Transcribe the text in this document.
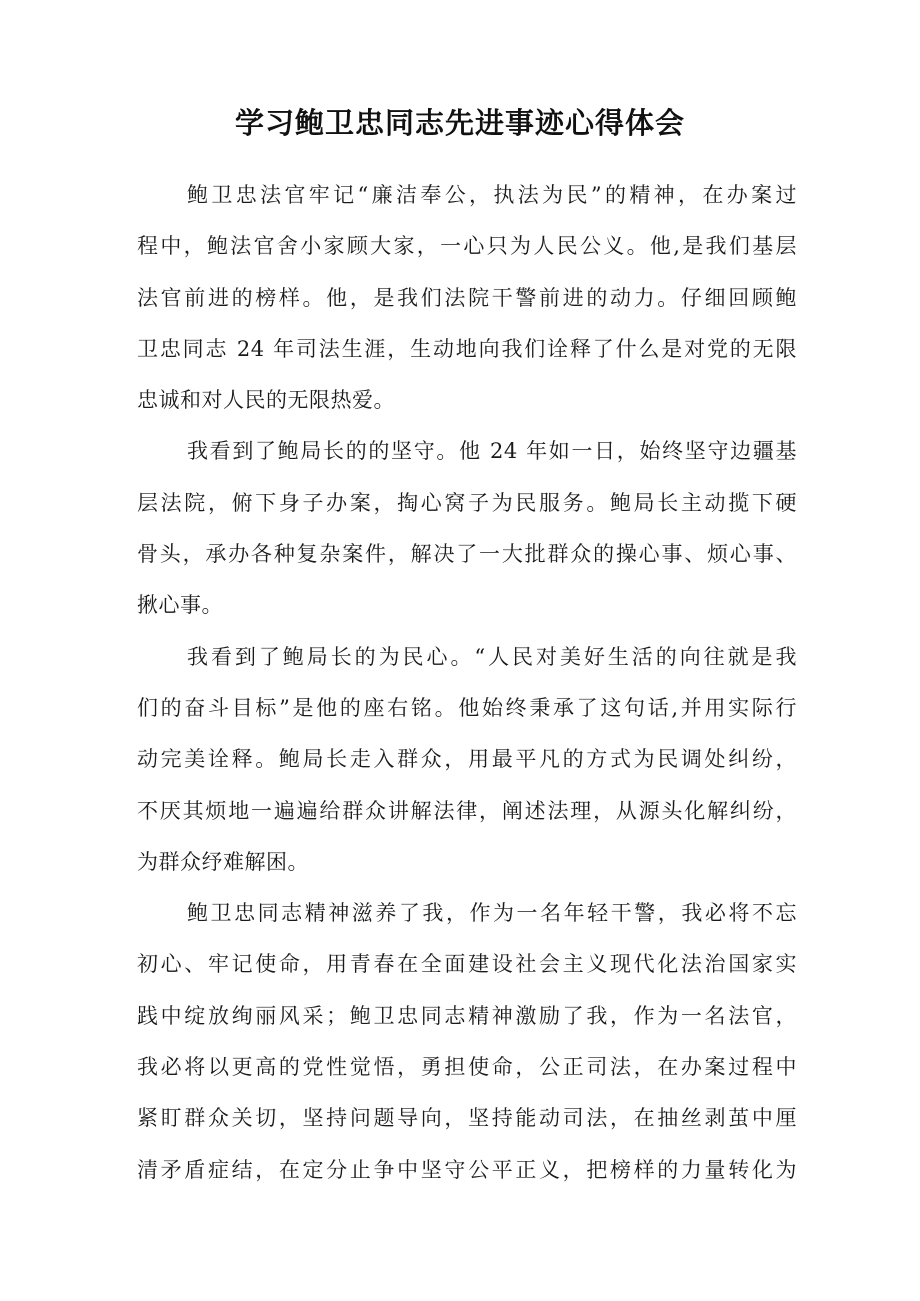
学习鲍卫忠同志先进事迹心得体会
鲍卫忠法官牢记“廉洁奉公，执法为民”的精神，在办案过
程中，鲍法官舍小家顾大家，一心只为人民公义。他,是我们基层
法官前进的榜样。他，是我们法院干警前进的动力。仔细回顾鲍
卫忠同志 24 年司法生涯，生动地向我们诠释了什么是对党的无限
忠诚和对人民的无限热爱。
我看到了鲍局长的的坚守。他 24 年如一日，始终坚守边疆基
层法院，俯下身子办案，掏心窝子为民服务。鲍局长主动揽下硬
骨头，承办各种复杂案件，解决了一大批群众的操心事、烦心事、
揪心事。
我看到了鲍局长的为民心。“人民对美好生活的向往就是我
们的奋斗目标”是他的座右铭。他始终秉承了这句话,并用实际行
动完美诠释。鲍局长走入群众，用最平凡的方式为民调处纠纷，
不厌其烦地一遍遍给群众讲解法律，阐述法理，从源头化解纠纷，
为群众纾难解困。
鲍卫忠同志精神滋养了我，作为一名年轻干警，我必将不忘
初心、牢记使命，用青春在全面建设社会主义现代化法治国家实
践中绽放绚丽风采；鲍卫忠同志精神激励了我，作为一名法官，
我必将以更高的党性觉悟，勇担使命，公正司法，在办案过程中
紧盯群众关切，坚持问题导向，坚持能动司法，在抽丝剥茧中厘
清矛盾症结，在定分止争中坚守公平正义，把榜样的力量转化为
